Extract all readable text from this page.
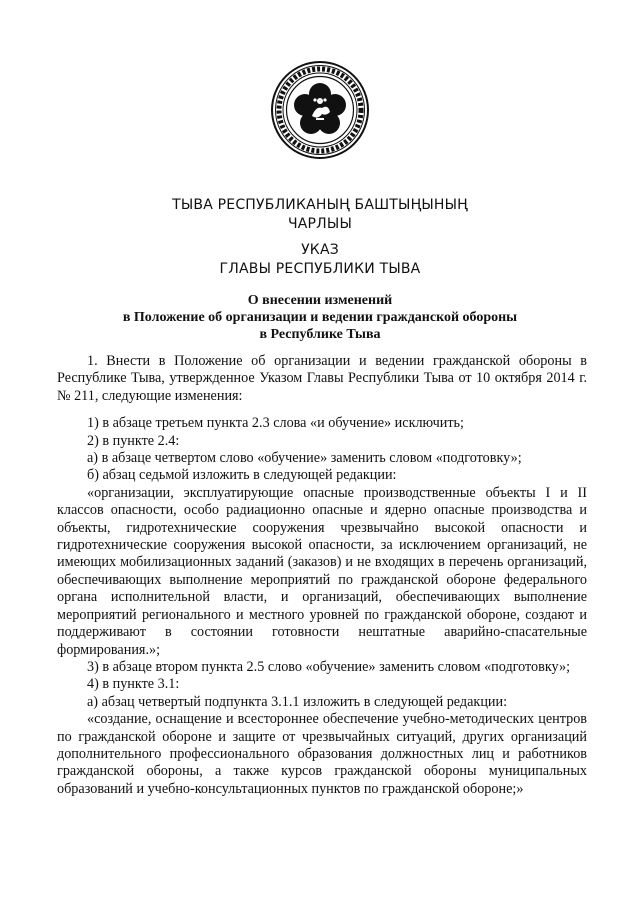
ТЫВА РЕСПУБЛИКАНЫҢ БАШТЫҢЫНЫҢ
ЧАРЛЫЫ
УКАЗ
ГЛАВЫ РЕСПУБЛИКИ ТЫВА
О внесении изменений
в Положение об организации и ведении гражданской обороны
в Республике Тыва

1. Внести в Положение об организации и ведении гражданской обороны в Республике Тыва, утвержденное Указом Главы Республики Тыва от 10 октября 2014 г. № 211, следующие изменения:

1) в абзаце третьем пункта 2.3 слова «и обучение» исключить;

2) в пункте 2.4:

а) в абзаце четвертом слово «обучение» заменить словом «подготовку»;

б) абзац седьмой изложить в следующей редакции:

«организации, эксплуатирующие опасные производственные объекты I и II классов опасности, особо радиационно опасные и ядерно опасные производства и объекты, гидротехнические сооружения чрезвычайно высокой опасности и гидротехнические сооружения высокой опасности, за исключением организаций, не имеющих мобилизационных заданий (заказов) и не входящих в перечень организаций, обеспечивающих выполнение мероприятий по гражданской обороне федерального органа исполнительной власти, и организаций, обеспечивающих выполнение мероприятий регионального и местного уровней по гражданской обороне, создают и поддерживают в состоянии готовности нештатные аварийно-спасательные формирования.»;

3) в абзаце втором пункта 2.5 слово «обучение» заменить словом «подготовку»;

4) в пункте 3.1:

а) абзац четвертый подпункта 3.1.1 изложить в следующей редакции:

«создание, оснащение и всестороннее обеспечение учебно-методических центров по гражданской обороне и защите от чрезвычайных ситуаций, других организаций дополнительного профессионального образования должностных лиц и работников гражданской обороны, а также курсов гражданской обороны муниципальных образований и учебно-консультационных пунктов по гражданской обороне;»
